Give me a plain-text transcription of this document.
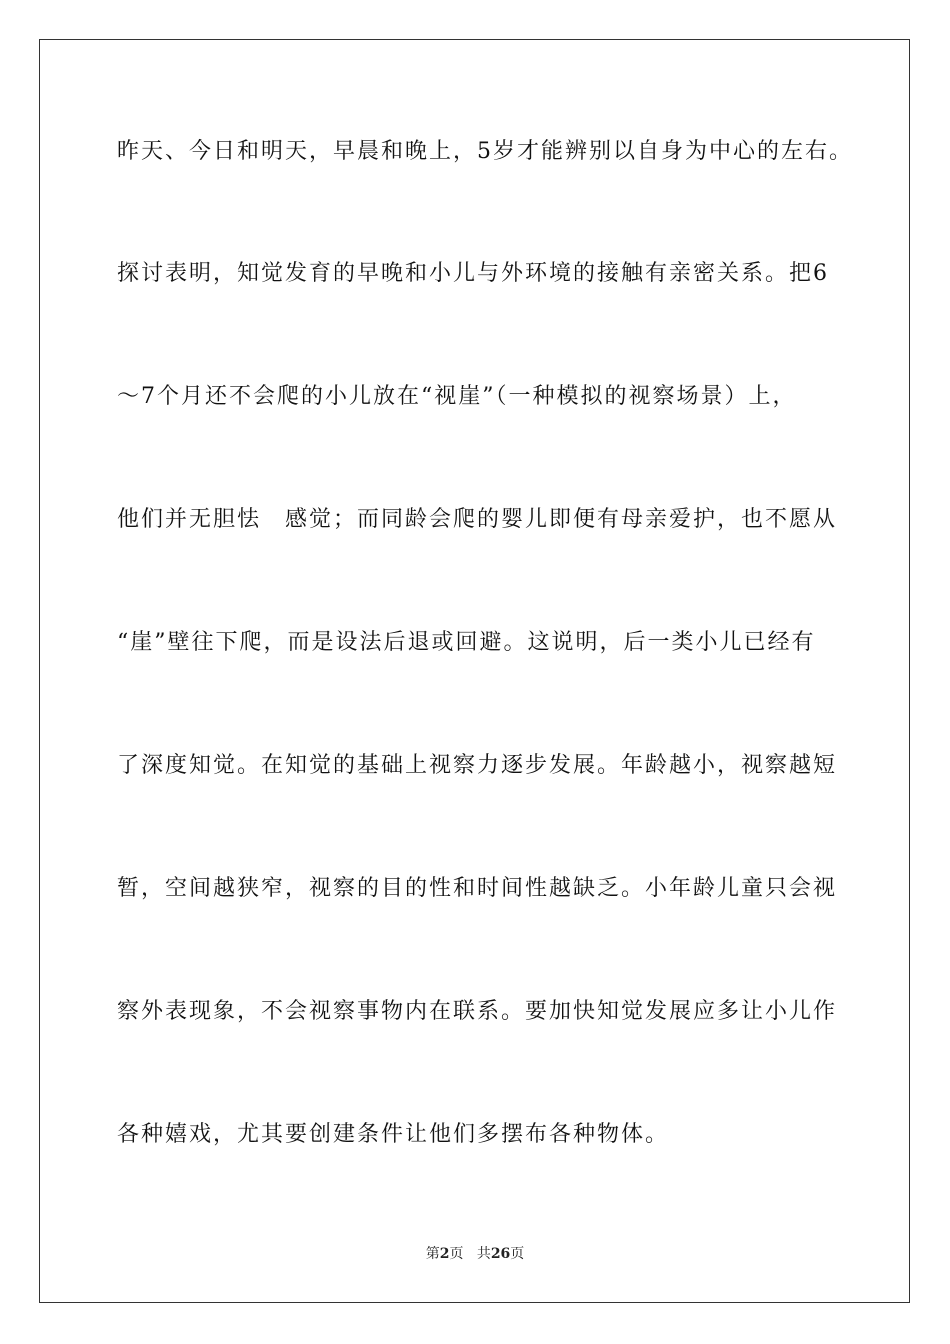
昨天、今日和明天，早晨和晚上，5岁才能辨别以自身为中心的左右。
探讨表明，知觉发育的早晚和小儿与外环境的接触有亲密关系。把6
～7个月还不会爬的小儿放在“视崖”（一种模拟的视察场景）上，
他们并无胆怯　感觉；而同龄会爬的婴儿即便有母亲爱护，也不愿从
“崖”壁往下爬，而是设法后退或回避。这说明，后一类小儿已经有
了深度知觉。在知觉的基础上视察力逐步发展。年龄越小，视察越短
暂，空间越狭窄，视察的目的性和时间性越缺乏。小年龄儿童只会视
察外表现象，不会视察事物内在联系。要加快知觉发展应多让小儿作
各种嬉戏，尤其要创建条件让他们多摆布各种物体。
第2页 共26页
